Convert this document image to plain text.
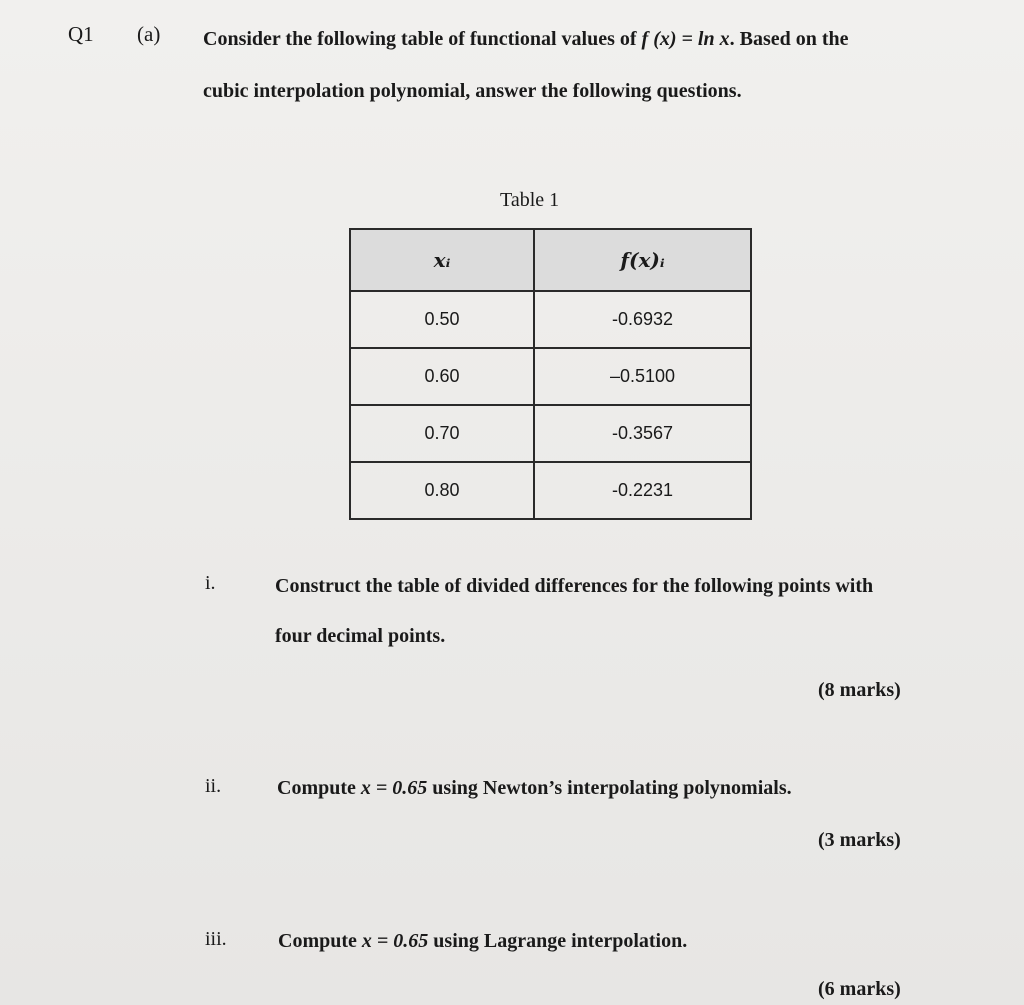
Q1 (a) Consider the following table of functional values of f (x) = ln x. Based on the
cubic interpolation polynomial, answer the following questions.
Table 1
xᵢ	f(x)ᵢ
0.50	-0.6932
0.60	–0.5100
0.70	-0.3567
0.80	-0.2231
i.	Construct the table of divided differences for the following points with
four decimal points.
(8 marks)
ii.	Compute x = 0.65 using Newton’s interpolating polynomials.
(3 marks)
iii.	Compute x = 0.65 using Lagrange interpolation.
(6 marks)
